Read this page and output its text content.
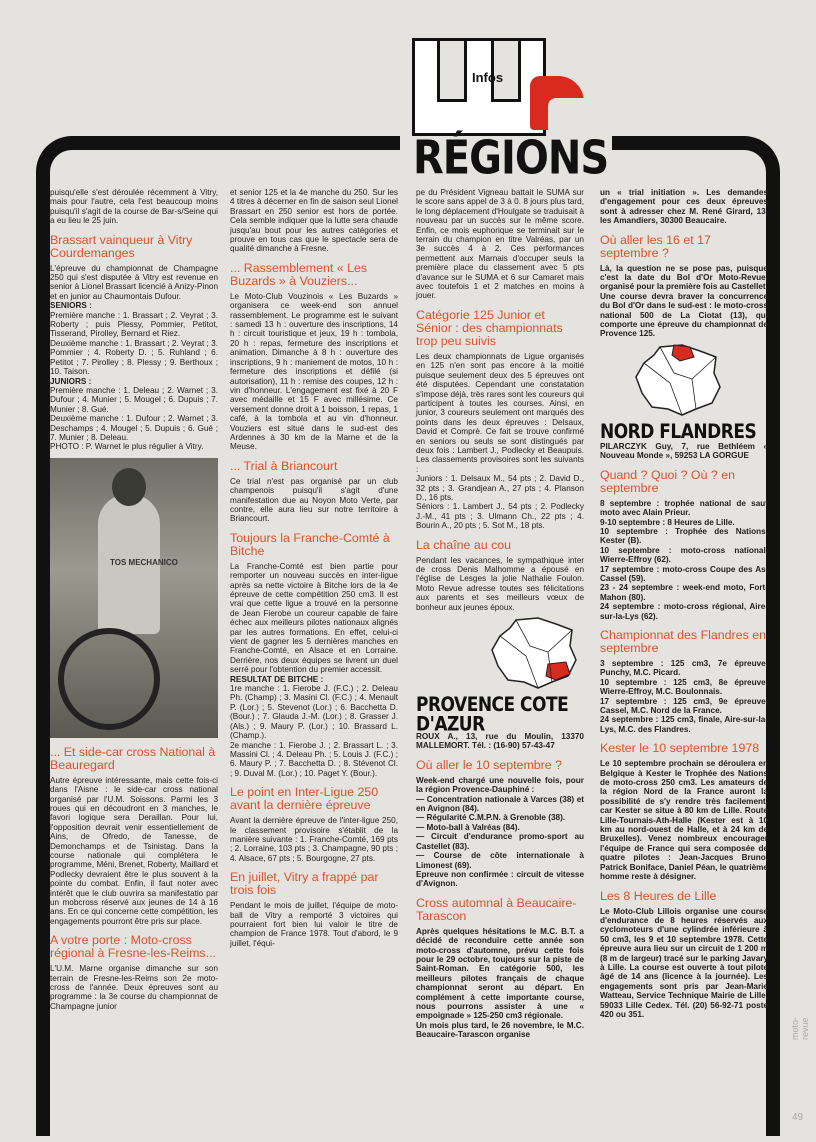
Infos
RÉGIONS

puisqu'elle s'est déroulée récemment à Vitry, mais pour l'autre, cela l'est beaucoup moins puisqu'il s'agit de la course de Bar-s/Seine qui a eu lieu le 25 juin.

Brassart vainqueur à Vitry Courdemanges

L'épreuve du championnat de Champagne 250 qui s'est disputée à Vitry est revenue en senior à Lionel Brassart licencié à Anizy-Pinon et en junior au Chaumontais Dufour.

SENIORS :

Première manche : 1. Brassart ; 2. Veyrat ; 3. Roberty ; puis Plessy, Pommier, Petitot, Tisserand, Pirolley, Bernard et Riez.

Deuxième manche : 1. Brassart ; 2. Veyrat ; 3. Pommier ; 4. Roberty D. ; 5. Ruhland ; 6. Petitot ; 7. Pirolley ; 8. Plessy ; 9. Berthoux ; 10. Taison.

JUNIORS :

Première manche : 1. Deleau ; 2. Warnet ; 3. Dufour ; 4. Munier ; 5. Mougel ; 6. Dupuis ; 7. Munier ; 8. Gué.

Deuxième manche : 1. Dufour ; 2. Warnet ; 3. Deschamps ; 4. Mougel ; 5. Dupuis ; 6. Gué ; 7. Munier ; 8. Deleau.

PHOTO : P. Warnet le plus régulier à Vitry.

TOS MECHANICO
... Et side-car cross National à Beauregard

Autre épreuve intéressante, mais cette fois-ci dans l'Aisne : le side-car cross national organisé par l'U.M. Soissons. Parmi les 3 roues qui en découdront en 3 manches, le favori logique sera Deraillan. Pour lui, l'opposition devrait venir essentiellement de Ains, de Ofredo, de Tanesse, de Demonchamps et de Tsinistag. Dans la course nationale qui complétera le programme, Méni, Brenet, Roberty, Maillard et Podlecky devraient être le plus souvent à la pointe du combat. Enfin, il faut noter avec intérêt que le club ouvrira sa manifestatio par un mobcross réservé aux jeunes de 14 à 16 ans. En ce qui concerne cette compétition, les engagements pourront être pris sur place.

A votre porte : Moto-cross régional à Fresne-les-Reims...

L'U.M. Marne organise dimanche sur son terrain de Fresne-les-Reims son 2e moto-cross de l'année. Deux épreuves sont au programme : la 3e course du championnat de Champagne junior

et senior 125 et la 4e manche du 250. Sur les 4 titres à décerner en fin de saison seul Lionel Brassart en 250 senior est hors de portée. Cela semble indiquer que la lutte sera chaude jusqu'au bout pour les autres catégories et prouve en tous cas que le spectacle sera de qualité dimanche à Fresne.

... Rassemblement « Les Buzards » à Vouziers...

Le Moto-Club Vouzinois « Les Buzards » organisera ce week-end son annuel rassemblement. Le programme est le suivant : samedi 13 h : ouverture des inscriptions, 14 h : circuit touristique et jeux, 19 h : tombola, 20 h : repas, fermeture des inscriptions et animation. Dimanche à 8 h : ouverture des inscriptions, 9 h : maniement de motos, 10 h : fermeture des inscriptions et défilé (si autorisation), 11 h : remise des coupes, 12 h : vin d'honneur. L'engagement est fixé à 20 F avec médaille et 15 F avec millésime. Ce versement donne droit à 1 boisson, 1 repas, 1 café, à la tombola et au vin d'honneur. Vouziers est situé dans le sud-est des Ardennes à 30 km de la Marne et de la Meuse.

... Trial à Briancourt

Ce trial n'est pas organisé par un club champenois puisqu'il s'agit d'une manifestation due au Noyon Moto Verte, par contre, elle aura lieu sur notre territoire à Briancourt.

Toujours la Franche-Comté à Bitche

La Franche-Comté est bien partie pour remporter un nouveau succès en inter-ligue après sa nette victoire à Bitche lors de la 4e épreuve de cette compétition 250 cm3. Il est vrai que cette ligue a trouvé en la personne de Jean Fierobe un coureur capable de faire échec aux meilleurs pilotes nationaux alignés par les autres formations. En effet, celui-ci vient de gagner les 5 dernières manches en Franche-Comté, en Alsace et en Lorraine. Derrière, nos deux équipes se livrent un duel serré pour l'obtention du premier accessit.

RESULTAT DE BITCHE :

1re manche : 1. Fierobe J. (F.C.) ; 2. Deleau Ph. (Champ) ; 3. Masini Cl. (F.C.) ; 4. Menault P. (Lor.) ; 5. Stevenot (Lor.) ; 6. Bacchetta D. (Bour.) ; 7. Glauda J.-M. (Lor.) ; 8. Grasser J. (Als.) ; 9. Maury P. (Lor.) ; 10. Brassard L. (Champ.).

2e manche : 1. Fierobe J. ; 2. Brassart L. ; 3. Massini Cl. ; 4. Deleau Ph. ; 5. Louis J. (F.C.) ; 6. Maury P. ; 7. Bacchetta D. ; 8. Stévenot Cl. ; 9. Duval M. (Lor.) ; 10. Paget Y. (Bour.).

Le point en Inter-Ligue 250 avant la dernière épreuve

Avant la dernière épreuve de l'inter-ligue 250, le classement provisoire s'établit de la manière suivante : 1. Franche-Comté, 169 pts ; 2. Lorraine, 103 pts ; 3. Champagne, 90 pts ; 4. Alsace, 67 pts ; 5. Bourgogne, 27 pts.

En juillet, Vitry a frappé par trois fois

Pendant le mois de juillet, l'équipe de moto-ball de Vitry a remporté 3 victoires qui pourraient fort bien lui valoir le titre de champion de France 1978. Tout d'abord, le 9 juillet, l'équi-

pe du Président Vigneau battait le SUMA sur le score sans appel de 3 à 0. 8 jours plus tard, le long déplacement d'Houlgate se traduisait à nouveau par un succès sur le même score. Enfin, ce mois euphorique se terminait sur le terrain du champion en titre Valréas, par un 3e succès 4 à 2. Ces performances permettent aux Marnais d'occuper seuls la première place du classement avec 5 pts d'avance sur le SUMA et 6 sur Camaret mais avec toutefois 1 et 2 matches en moins à jouer.

Catégorie 125 Junior et Sénior : des championnats trop peu suivis

Les deux championnats de Ligue organisés en 125 n'en sont pas encore à la moitié puisque seulement deux des 5 épreuves ont été disputées. Cependant une constatation s'impose déjà, très rares sont les coureurs qui participent à toutes les courses. Ainsi, en junior, 3 coureurs seulement ont marqués des points dans les deux épreuves : Delsaux, David et Comprè. Ce fait se trouve confirmé en seniors ou seuls se sont distingués par deux fois : Lambert J., Podlecky et Beaupuis. Les classements provisoires sont les suivants :

Juniors : 1. Delsaux M., 54 pts ; 2. David D., 32 pts ; 3. Grandjean A., 27 pts ; 4. Planson D., 16 pts.

Séniors : 1. Lambert J., 54 pts ; 2. Podlecky J.-M., 41 pts ; 3. Ulmann Ch., 22 pts ; 4. Bourin A., 20 pts ; 5. Sot M., 18 pts.

La chaîne au cou

Pendant les vacances, le sympathique inter de cross Denis Malhomme a épousé en l'église de Lesges la jolie Nathalie Foulon. Moto Revue adresse toutes ses félicitations aux parents et ses meilleurs vœux de bonheur aux jeunes époux.

PROVENCE COTE D'AZUR

ROUX A., 13, rue du Moulin, 13370 MALLEMORT. Tél. : (16-90) 57-43-47

Où aller le 10 septembre ?

Week-end chargé une nouvelle fois, pour la région Provence-Dauphiné :

— Concentration nationale à Varces (38) et en Avignon (84).

— Régularité C.M.P.N. à Grenoble (38).

— Moto-ball à Valréas (84).

— Circuit d'endurance promo-sport au Castellet (83).

— Course de côte internationale à Limonest (69).

Epreuve non confirmée : circuit de vitesse d'Avignon.

Cross automnal à Beaucaire-Tarascon

Après quelques hésitations le M.C. B.T. a décidé de reconduire cette année son moto-cross d'automne, prévu cette fois pour le 29 octobre, toujours sur la piste de Saint-Roman. En catégorie 500, les meilleurs pilotes français de chaque championnat seront au départ. En complément à cette importante course, nous pourrons assister à une « empoignade » 125-250 cm3 régionale.

Un mois plus tard, le 26 novembre, le M.C. Beaucaire-Tarascon organise

un « trial initiation ». Les demandes d'engagement pour ces deux épreuves sont à adresser chez M. René Girard, 13, les Amandiers, 30300 Beaucaire.

Où aller les 16 et 17 septembre ?

Là, la question ne se pose pas, puisque c'est la date du Bol d'Or Moto-Revue, organisé pour la première fois au Castellet.

Une course devra braver la concurrence du Bol d'Or dans le sud-est : le moto-cross national 500 de La Ciotat (13), qui comporte une épreuve du championnat de Provence 125.

NORD FLANDRES

PILARCZYK Guy, 7, rue Bethléem « Nouveau Monde », 59253 LA GORGUE

Quand ? Quoi ? Où ? en septembre

8 septembre : trophée national de saut moto avec Alain Prieur.

9-10 septembre : 8 Heures de Lille.

10 septembre : Trophée des Nations, Kester (B).

10 septembre : moto-cross national, Wierre-Effroy (62).

17 septembre : moto-cross Coupe des As, Cassel (59).

23 - 24 septembre : week-end moto, Fort-Mahon (80).

24 septembre : moto-cross régional, Aire-sur-la-Lys (62).

Championnat des Flandres en septembre

3 septembre : 125 cm3, 7e épreuve, Punchy, M.C. Picard.

10 septembre : 125 cm3, 8e épreuve, Wierre-Effroy, M.C. Boulonnais.

17 septembre : 125 cm3, 9e épreuve, Cassel, M.C. Nord de la France.

24 septembre : 125 cm3, finale, Aire-sur-la-Lys, M.C. des Flandres.

Kester le 10 septembre 1978

Le 10 septembre prochain se déroulera en Belgique à Kester le Trophée des Nations de moto-cross 250 cm3. Les amateurs de la région Nord de la France auront la possibilité de s'y rendre très facilement, car Kester se situe à 80 km de Lille. Route Lille-Tournais-Ath-Halle (Kester est à 10 km au nord-ouest de Halle, et à 24 km de Bruxelles). Venez nombreux encourager l'équipe de France qui sera composée de quatre pilotes : Jean-Jacques Bruno, Patrick Boniface, Daniel Péan, le quatrième homme reste à désigner.

Les 8 Heures de Lille

Le Moto-Club Lillois organise une course d'endurance de 8 heures réservés aux cyclomoteurs d'une cylindrée inférieure à 50 cm3, les 9 et 10 septembre 1978. Cette épreuve aura lieu sur un circuit de 1 200 m (8 m de largeur) tracé sur le parking Javary à Lille. La course est ouverte à tout pilote âgé de 14 ans (licence à la journée). Les engagements sont pris par Jean-Marie Watteau, Service Technique Mairie de Lille, 59033 Lille Cedex. Tél. (20) 56-92-71 poste 420 ou 351.

moto-revue
49
